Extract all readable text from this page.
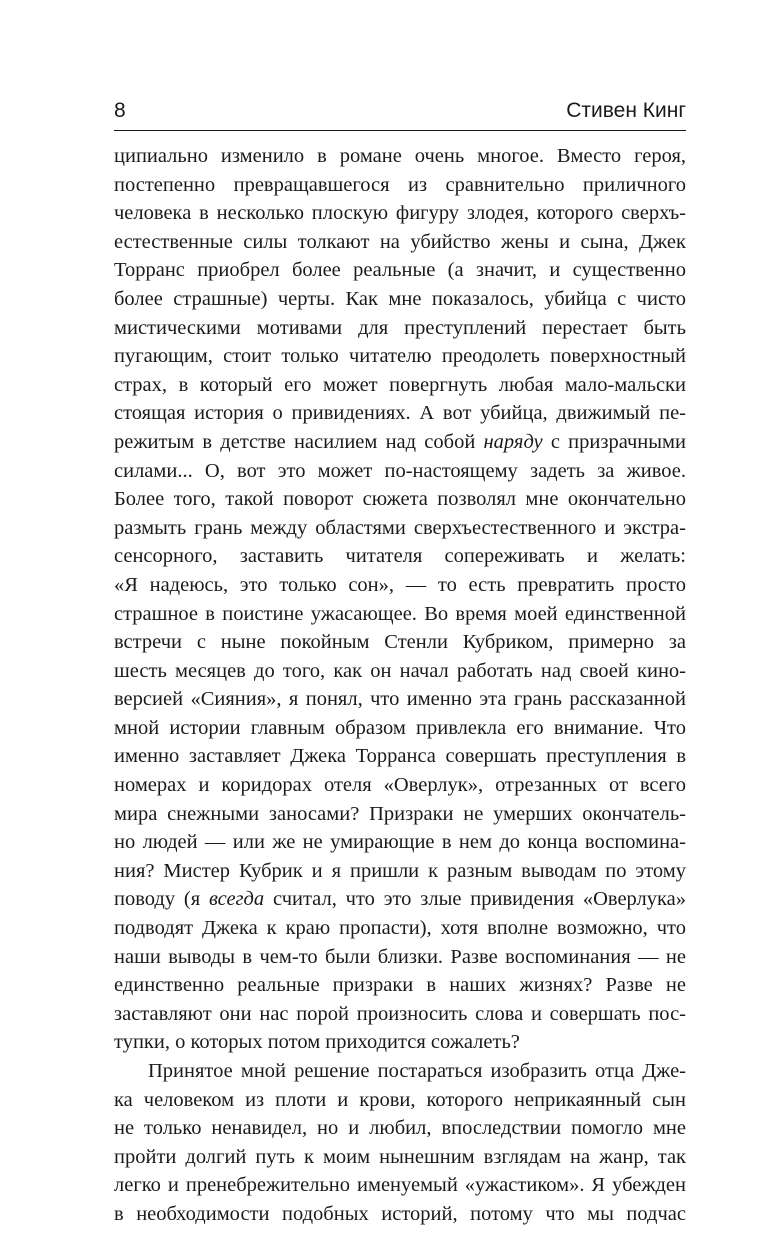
8	Стивен Кинг
ципиально изменило в романе очень многое. Вместо героя,
постепенно превращавшегося из сравнительно приличного
человека в несколько плоскую фигуру злодея, которого сверхъ-
естественные силы толкают на убийство жены и сына, Джек
Торранс приобрел более реальные (а значит, и существенно
более страшные) черты. Как мне показалось, убийца с чисто
мистическими мотивами для преступлений перестает быть
пугающим, стоит только читателю преодолеть поверхностный
страх, в который его может повергнуть любая мало-мальски
стоящая история о привидениях. А вот убийца, движимый пе-
режитым в детстве насилием над собой наряду с призрачными
силами... О, вот это может по-настоящему задеть за живое.
Более того, такой поворот сюжета позволял мне окончательно
размыть грань между областями сверхъестественного и экстра-
сенсорного, заставить читателя сопереживать и желать:
«Я надеюсь, это только сон», — то есть превратить просто
страшное в поистине ужасающее. Во время моей единственной
встречи с ныне покойным Стенли Кубриком, примерно за
шесть месяцев до того, как он начал работать над своей кино-
версией «Сияния», я понял, что именно эта грань рассказанной
мной истории главным образом привлекла его внимание. Что
именно заставляет Джека Торранса совершать преступления в
номерах и коридорах отеля «Оверлук», отрезанных от всего
мира снежными заносами? Призраки не умерших окончатель-
но людей — или же не умирающие в нем до конца воспомина-
ния? Мистер Кубрик и я пришли к разным выводам по этому
поводу (я всегда считал, что это злые привидения «Оверлука»
подводят Джека к краю пропасти), хотя вполне возможно, что
наши выводы в чем-то были близки. Разве воспоминания — не
единственно реальные призраки в наших жизнях? Разве не
заставляют они нас порой произносить слова и совершать пос-
тупки, о которых потом приходится сожалеть?
Принятое мной решение постараться изобразить отца Дже-
ка человеком из плоти и крови, которого неприкаянный сын
не только ненавидел, но и любил, впоследствии помогло мне
пройти долгий путь к моим нынешним взглядам на жанр, так
легко и пренебрежительно именуемый «ужастиком». Я убежден
в необходимости подобных историй, потому что мы подчас
